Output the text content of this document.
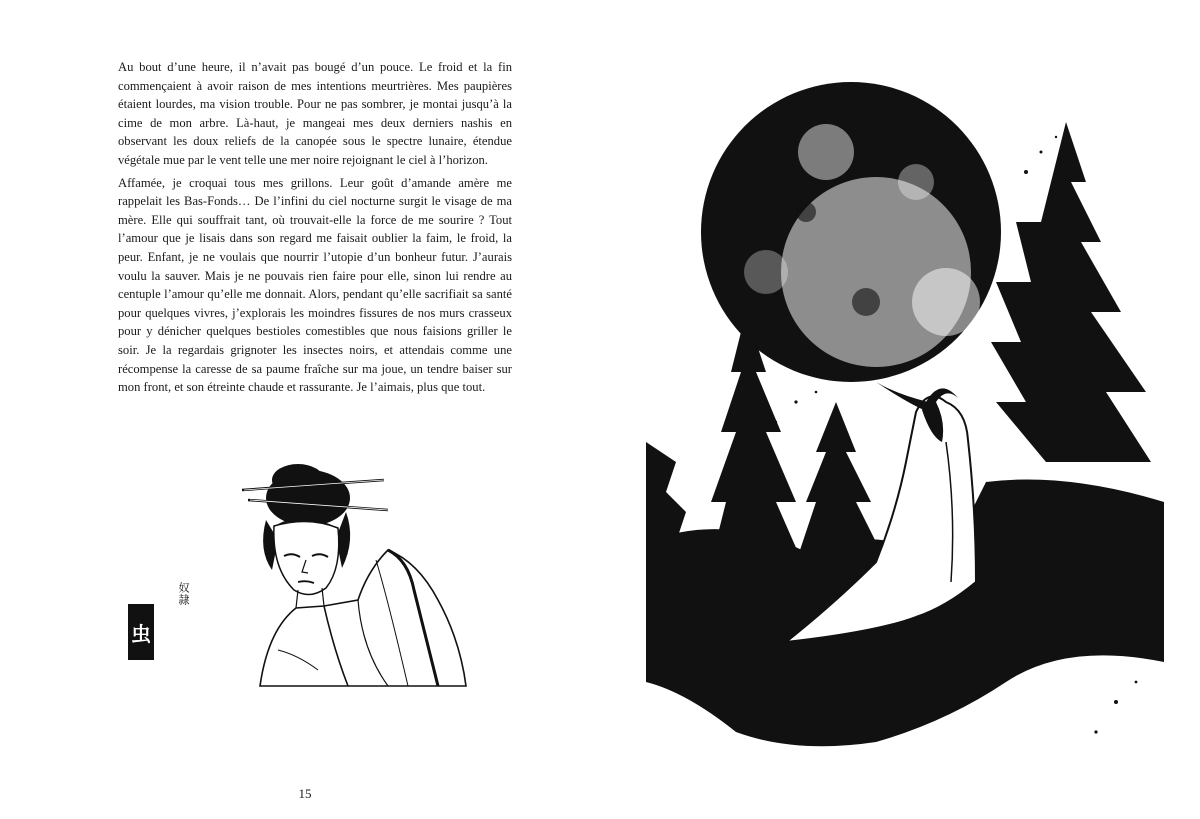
Au bout d’une heure, il n’avait pas bougé d’un pouce. Le froid et la fin commençaient à avoir raison de mes intentions meurtrières. Mes paupières étaient lourdes, ma vision trouble. Pour ne pas sombrer, je montai jusqu’à la cime de mon arbre. Là-haut, je mangeai mes deux derniers nashis en observant les doux reliefs de la canopée sous le spectre lunaire, étendue végétale mue par le vent telle une mer noire rejoignant le ciel à l’horizon.

Affamée, je croquai tous mes grillons. Leur goût d’amande amère me rappelait les Bas-Fonds… De l’infini du ciel nocturne surgit le visage de ma mère. Elle qui souffrait tant, où trouvait-elle la force de me sourire ? Tout l’amour que je lisais dans son regard me faisait oublier la faim, le froid, la peur. Enfant, je ne voulais que nourrir l’utopie d’un bonheur futur. J’aurais voulu la sauver. Mais je ne pouvais rien faire pour elle, sinon lui rendre au centuple l’amour qu’elle me donnait. Alors, pendant qu’elle sacrifiait sa santé pour quelques vivres, j’explorais les moindres fissures de nos murs crasseux pour y dénicher quelques bestioles comestibles que nous faisions griller le soir. Je la regardais grignoter les insectes noirs, et attendais comme une récompense la caresse de sa paume fraîche sur ma joue, un tendre baiser sur mon front, et son étreinte chaude et rassurante. Je l’aimais, plus que tout.

虫
奴隷
15
